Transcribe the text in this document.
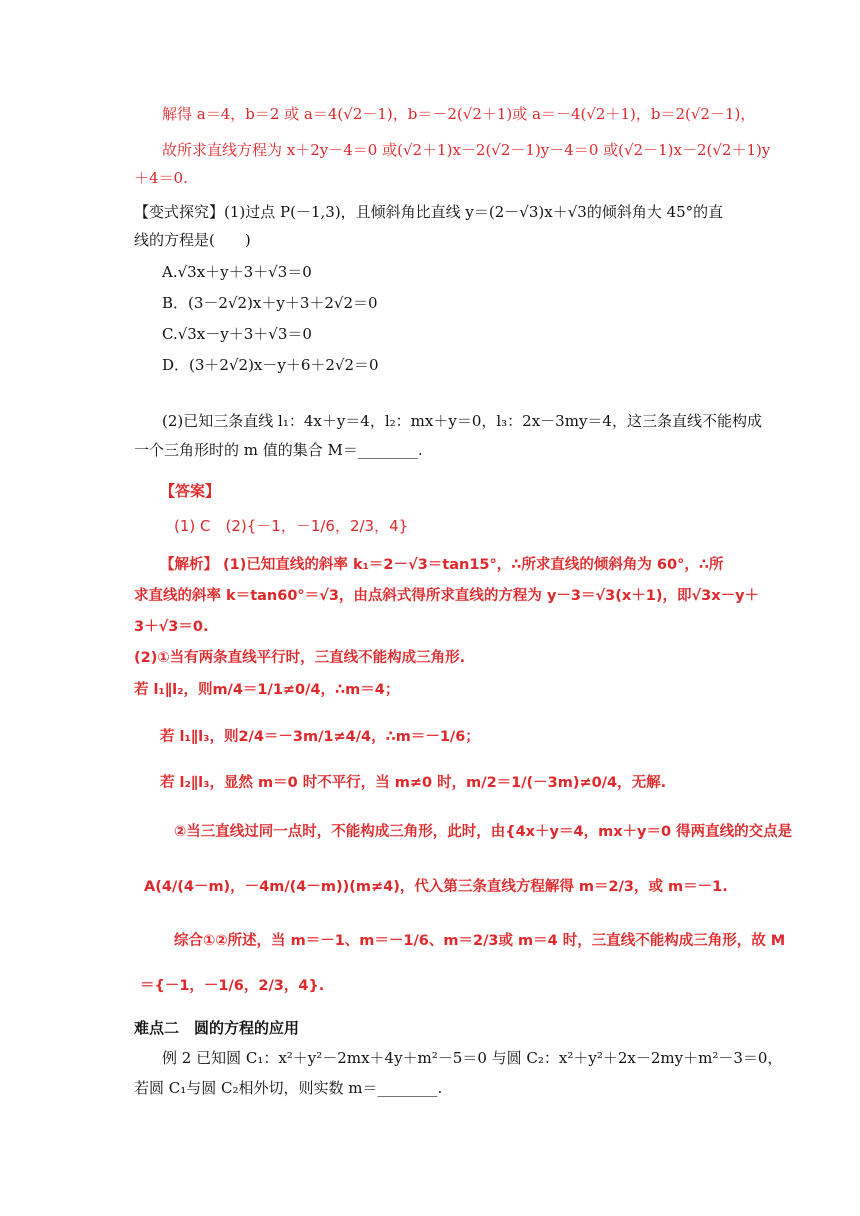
解得 a＝4，b＝2 或 a＝4(√2－1)，b＝－2(√2＋1)或 a＝－4(√2＋1)，b＝2(√2－1)，
故所求直线方程为 x＋2y－4＝0 或(√2＋1)x－2(√2－1)y－4＝0 或(√2－1)x－2(√2＋1)y
＋4＝0.
【变式探究】(1)过点 P(－1,3)，且倾斜角比直线 y＝(2－√3)x＋√3的倾斜角大 45°的直
线的方程是(　　)
A.√3x＋y＋3＋√3＝0
B．(3－2√2)x＋y＋3＋2√2＝0
C.√3x－y＋3＋√3＝0
D．(3＋2√2)x－y＋6＋2√2＝0
(2)已知三条直线 l₁：4x＋y＝4，l₂：mx＋y＝0，l₃：2x－3my＝4，这三条直线不能构成
一个三角形时的 m 值的集合 M＝________.
【答案】
(1) C　(2){－1，－1/6，2/3，4}
【解析】 (1)已知直线的斜率 k₁＝2－√3＝tan15°，∴所求直线的倾斜角为 60°，∴所
求直线的斜率 k＝tan60°＝√3，由点斜式得所求直线的方程为 y－3＝√3(x＋1)，即√3x－y＋
3＋√3＝0.
(2)①当有两条直线平行时，三直线不能构成三角形.
若 l₁∥l₂，则m/4＝1/1≠0/4，∴m＝4；
若 l₁∥l₃，则2/4＝－3m/1≠4/4，∴m＝－1/6；
若 l₂∥l₃，显然 m＝0 时不平行，当 m≠0 时，m/2＝1/(－3m)≠0/4，无解.
②当三直线过同一点时，不能构成三角形，此时，由{4x＋y＝4，mx＋y＝0 得两直线的交点是
A(4/(4－m)，－4m/(4－m))(m≠4)，代入第三条直线方程解得 m＝2/3，或 m＝－1.
综合①②所述，当 m＝－1、m＝－1/6、m＝2/3或 m＝4 时，三直线不能构成三角形，故 M
＝{－1，－1/6，2/3，4}.
难点二　圆的方程的应用
例 2 已知圆 C₁：x²＋y²－2mx＋4y＋m²－5＝0 与圆 C₂：x²＋y²＋2x－2my＋m²－3＝0，
若圆 C₁与圆 C₂相外切，则实数 m＝________.
